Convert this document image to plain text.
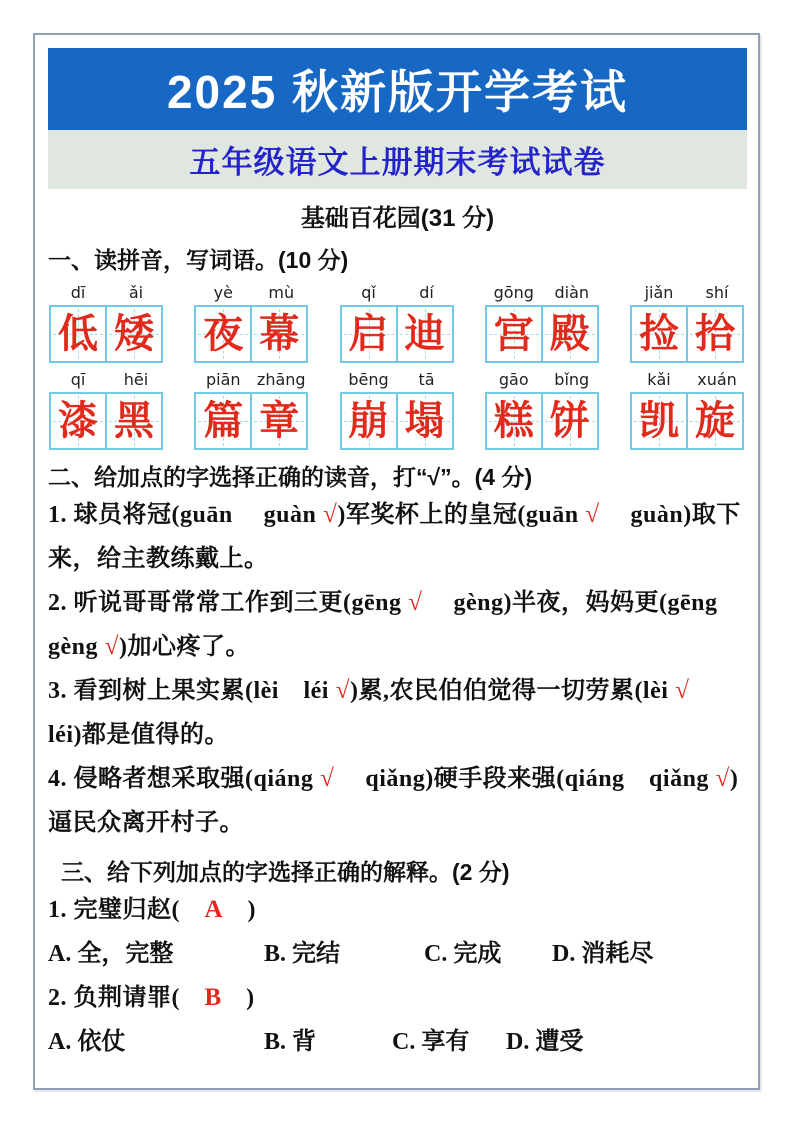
2025 秋新版开学考试
五年级语文上册期末考试试卷
基础百花园(31 分)
一、读拼音，写词语。(10 分)
dī	ǎi
低 矮
yè	mù
夜 幕
qǐ	dí
启 迪
gōng	diàn
宫 殿
jiǎn	shí
捡 拾
qī	hēi
漆 黑
piān	zhāng
篇 章
bēng	tā
崩 塌
gāo	bǐng
糕 饼
kǎi	xuán
凯 旋
二、给加点的字选择正确的读音，打“√”。(4 分)

1. 球员将冠(guān　 guàn √)军奖杯上的皇冠(guān √　 guàn)取下来，给主教练戴上。

2. 听说哥哥常常工作到三更(gēng √　 gèng)半夜，妈妈更(gēng gèng √)加心疼了。

3. 看到树上果实累(lèi　léi √)累,农民伯伯觉得一切劳累(lèi √　léi)都是值得的。

4. 侵略者想采取强(qiáng √　 qiǎng)硬手段来强(qiáng　qiǎng √)逼民众离开村子。

三、给下列加点的字选择正确的解释。(2 分)

1. 完璧归赵(　A　)

A. 全，完整	B. 完结	C. 完成 D. 消耗尽

2. 负荆请罪(　B　)

A. 依仗	B. 背	C. 享有 D. 遭受
